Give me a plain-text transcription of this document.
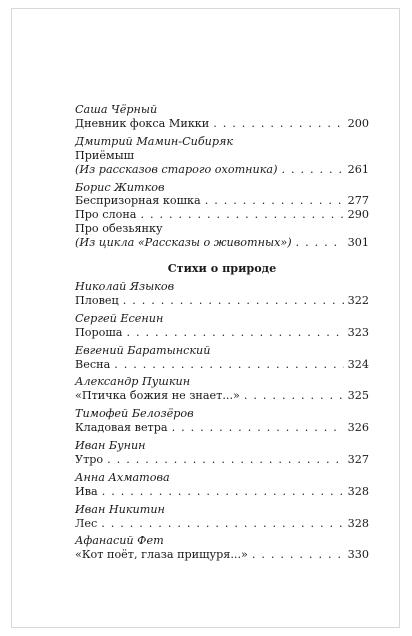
Саша Чёрный
Дневник фокса Микки . . .	200
Дмитрий Мамин-Сибиряк
Приёмыш
(Из рассказов старого охотника) . . .	261
Борис Житков
Беспризорная кошка . . .	277
Про слона . . .	290
Про обезьянку
(Из цикла «Рассказы о животных») . . .	301
Стихи о природе
Николай Языков
Пловец . . .	322
Сергей Есенин
Пороша . . .	323
Евгений Баратынский
Весна . . .	324
Александр Пушкин
«Птичка божия не знает...» . . .	325
Тимофей Белозёров
Кладовая ветра . . .	326
Иван Бунин
Утро . . .	327
Анна Ахматова
Ива . . .	328
Иван Никитин
Лес . . .	328
Афанасий Фет
«Кот поёт, глаза прищуря...» . . .	330
